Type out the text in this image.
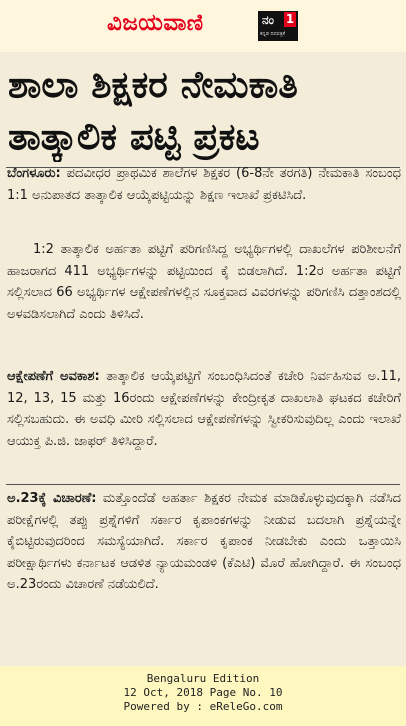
ವಿಜಯವಾಣಿ	ನಂ 1
ಕನ್ನಡ ದಿನಪತ್ರಿಕೆ
ಶಾಲಾ ಶಿಕ್ಷಕರ ನೇಮಕಾತಿ
ತಾತ್ಕಾಲಿಕ ಪಟ್ಟಿ ಪ್ರಕಟ

ಬೆಂಗಳೂರು: ಪದವೀಧರ ಪ್ರಾಥಮಿಕ ಶಾಲೆಗಳ ಶಿಕ್ಷಕರ (6-8ನೇ ತರಗತಿ) ನೇಮಕಾತಿ ಸಂಬಂಧ 1:1 ಅನುಪಾತದ ತಾತ್ಕಾಲಿಕ ಆಯ್ಕೆಪಟ್ಟಿಯನ್ನು ಶಿಕ್ಷಣ ಇಲಾಖೆ ಪ್ರಕಟಿಸಿದೆ.

1:2 ತಾತ್ಕಾಲಿಕ ಅರ್ಹತಾ ಪಟ್ಟಿಗೆ ಪರಿಗಣಿಸಿದ್ದ ಅಭ್ಯರ್ಥಿಗಳಲ್ಲಿ ದಾಖಲೆಗಳ ಪರಿಶೀಲನೆಗೆ ಹಾಜರಾಗದ 411 ಅಭ್ಯರ್ಥಿಗಳನ್ನು ಪಟ್ಟಿಯಿಂದ ಕೈ ಬಿಡಲಾಗಿದೆ. 1:2ರ ಅರ್ಹತಾ ಪಟ್ಟಿಗೆ ಸಲ್ಲಿಸಲಾದ 66 ಅಭ್ಯರ್ಥಿಗಳ ಆಕ್ಷೇಪಣೆಗಳಲ್ಲಿನ ಸೂಕ್ತವಾದ ವಿವರಗಳನ್ನು ಪರಿಗಣಿಸಿ ದತ್ತಾಂಶದಲ್ಲಿ ಅಳವಡಿಸಲಾಗಿದೆ ಎಂದು ತಿಳಿಸಿದೆ.

ಆಕ್ಷೇಪಣೆಗೆ ಅವಕಾಶ: ತಾತ್ಕಾಲಿಕ ಆಯ್ಕೆಪಟ್ಟಿಗೆ ಸಂಬಂಧಿಸಿದಂತೆ ಕಚೇರಿ ನಿರ್ವಹಿಸುವ ಅ.11, 12, 13, 15 ಮತ್ತು 16ರಂದು ಆಕ್ಷೇಪಣೆಗಳನ್ನು ಕೇಂದ್ರೀಕೃತ ದಾಖಲಾತಿ ಘಟಕದ ಕಚೇರಿಗೆ ಸಲ್ಲಿಸಬಹುದು. ಈ ಅವಧಿ ಮೀರಿ ಸಲ್ಲಿಸಲಾದ ಆಕ್ಷೇಪಣೆಗಳನ್ನು ಸ್ವೀಕರಿಸುವುದಿಲ್ಲ ಎಂದು ಇಲಾಖೆ ಆಯುಕ್ತ ಪಿ.ಜಿ. ಜಾಫರ್ ತಿಳಿಸಿದ್ದಾರೆ.

ಅ.23ಕ್ಕೆ ವಿಚಾರಣೆ: ಮತ್ತೊಂದೆಡೆ ಅಹರ್ತಾ ಶಿಕ್ಷಕರ ನೇಮಕ ಮಾಡಿಕೊಳ್ಳುವುದಕ್ಕಾಗಿ ನಡೆಸಿದ ಪರೀಕ್ಷೆಗಳಲ್ಲಿ ತಪ್ಪು ಪ್ರಶ್ನೆಗಳಿಗೆ ಸರ್ಕಾರ ಕೃಪಾಂಕಗಳನ್ನು ನೀಡುವ ಬದಲಾಗಿ ಪ್ರಶ್ನೆಯನ್ನೇ ಕೈಬಿಟ್ಟಿರುವುದರಿಂದ ಸಮಸ್ಯೆಯಾಗಿದೆ. ಸರ್ಕಾರ ಕೃಪಾಂಕ ನೀಡಬೇಕು ಎಂದು ಒತ್ತಾಯಿಸಿ ಪರೀಕ್ಷಾರ್ಥಿಗಳು ಕರ್ನಾಟಕ ಆಡಳಿತ ನ್ಯಾಯಮಂಡಳಿ (ಕೆಎಟಿ) ಮೊರೆ ಹೋಗಿದ್ದಾರೆ. ಈ ಸಂಬಂಧ ಅ.23ರಂದು ವಿಚಾರಣೆ ನಡೆಯಲಿದೆ.

Bengaluru Edition
12 Oct, 2018 Page No. 10
Powered by : eReleGo.com
